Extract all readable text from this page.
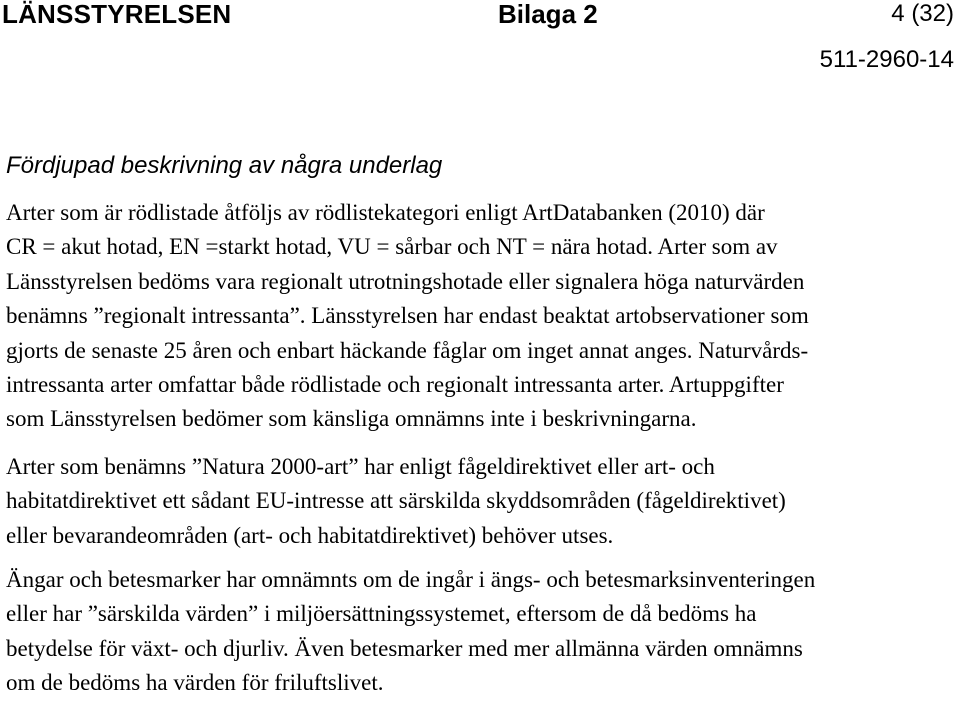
LÄNSSTYRELSEN	Bilaga 2	4 (32)
511-2960-14
Fördjupad beskrivning av några underlag
Arter som är rödlistade åtföljs av rödlistekategori enligt ArtDatabanken (2010) där
CR = akut hotad, EN =starkt hotad, VU = sårbar och NT = nära hotad. Arter som av
Länsstyrelsen bedöms vara regionalt utrotningshotade eller signalera höga naturvärden
benämns ”regionalt intressanta”. Länsstyrelsen har endast beaktat artobservationer som
gjorts de senaste 25 åren och enbart häckande fåglar om inget annat anges. Naturvårds-
intressanta arter omfattar både rödlistade och regionalt intressanta arter. Artuppgifter
som Länsstyrelsen bedömer som känsliga omnämns inte i beskrivningarna.
Arter som benämns ”Natura 2000-art” har enligt fågeldirektivet eller art- och
habitatdirektivet ett sådant EU-intresse att särskilda skyddsområden (fågeldirektivet)
eller bevarandeområden (art- och habitatdirektivet) behöver utses.
Ängar och betesmarker har omnämnts om de ingår i ängs- och betesmarksinventeringen
eller har ”särskilda värden” i miljöersättningssystemet, eftersom de då bedöms ha
betydelse för växt- och djurliv. Även betesmarker med mer allmänna värden omnämns
om de bedöms ha värden för friluftslivet.
